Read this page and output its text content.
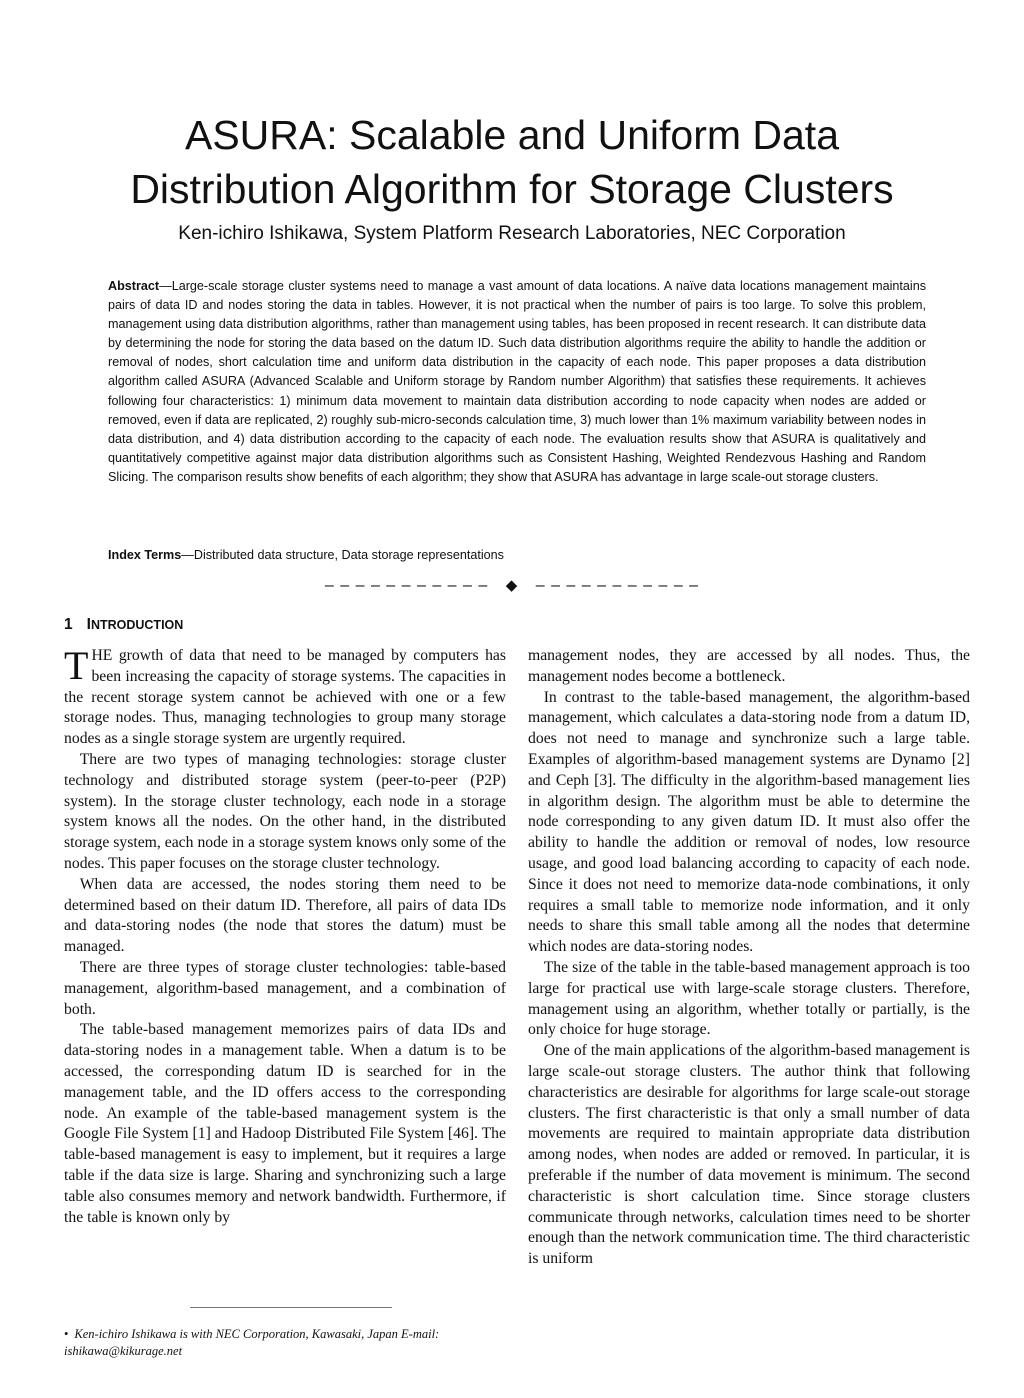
ASURA: Scalable and Uniform Data
Distribution Algorithm for Storage Clusters
Ken-ichiro Ishikawa, System Platform Research Laboratories, NEC Corporation

Abstract—Large-scale storage cluster systems need to manage a vast amount of data locations. A naïve data locations management maintains pairs of data ID and nodes storing the data in tables. However, it is not practical when the number of pairs is too large. To solve this problem, management using data distribution algorithms, rather than management using tables, has been proposed in recent research. It can distribute data by determining the node for storing the data based on the datum ID. Such data distribution algorithms require the ability to handle the addition or removal of nodes, short calculation time and uniform data distribution in the capacity of each node. This paper proposes a data distribution algorithm called ASURA (Advanced Scalable and Uniform storage by Random number Algorithm) that satisfies these requirements. It achieves following four characteristics: 1) minimum data movement to maintain data distribution according to node capacity when nodes are added or removed, even if data are replicated, 2) roughly sub-micro-seconds calculation time, 3) much lower than 1% maximum variability between nodes in data distribution, and 4) data distribution according to the capacity of each node. The evaluation results show that ASURA is qualitatively and quantitatively competitive against major data distribution algorithms such as Consistent Hashing, Weighted Rendezvous Hashing and Random Slicing. The comparison results show benefits of each algorithm; they show that ASURA has advantage in large scale-out storage clusters.

Index Terms—Distributed data structure, Data storage representations

– – – – – – – – – – – ◆ – – – – – – – – – – –
1 INTRODUCTION

THE growth of data that need to be managed by computers has been increasing the capacity of storage systems. The capacities in the recent storage system cannot be achieved with one or a few storage nodes. Thus, managing technologies to group many storage nodes as a single storage system are urgently required.

There are two types of managing technologies: storage cluster technology and distributed storage system (peer-to-peer (P2P) system). In the storage cluster technology, each node in a storage system knows all the nodes. On the other hand, in the distributed storage system, each node in a storage system knows only some of the nodes. This paper focuses on the storage cluster technology.

When data are accessed, the nodes storing them need to be determined based on their datum ID. Therefore, all pairs of data IDs and data-storing nodes (the node that stores the datum) must be managed.

There are three types of storage cluster technologies: table-based management, algorithm-based management, and a combination of both.

The table-based management memorizes pairs of data IDs and data-storing nodes in a management table. When a datum is to be accessed, the corresponding datum ID is searched for in the management table, and the ID offers access to the corresponding node. An example of the table-based management system is the Google File System [1] and Hadoop Distributed File System [46]. The table-based management is easy to implement, but it requires a large table if the data size is large. Sharing and synchronizing such a large table also consumes memory and network bandwidth. Furthermore, if the table is known only by

management nodes, they are accessed by all nodes. Thus, the management nodes become a bottleneck.

In contrast to the table-based management, the algorithm-based management, which calculates a data-storing node from a datum ID, does not need to manage and synchronize such a large table. Examples of algorithm-based management systems are Dynamo [2] and Ceph [3]. The difficulty in the algorithm-based management lies in algorithm design. The algorithm must be able to determine the node corresponding to any given datum ID. It must also offer the ability to handle the addition or removal of nodes, low resource usage, and good load balancing according to capacity of each node. Since it does not need to memorize data-node combinations, it only requires a small table to memorize node information, and it only needs to share this small table among all the nodes that determine which nodes are data-storing nodes.

The size of the table in the table-based management approach is too large for practical use with large-scale storage clusters. Therefore, management using an algorithm, whether totally or partially, is the only choice for huge storage.

One of the main applications of the algorithm-based management is large scale-out storage clusters. The author think that following characteristics are desirable for algorithms for large scale-out storage clusters. The first characteristic is that only a small number of data movements are required to maintain appropriate data distribution among nodes, when nodes are added or removed. In particular, it is preferable if the number of data movement is minimum. The second characteristic is short calculation time. Since storage clusters communicate through networks, calculation times need to be shorter enough than the network communication time. The third characteristic is uniform

• Ken-ichiro Ishikawa is with NEC Corporation, Kawasaki, Japan E-mail: ishikawa@kikurage.net
